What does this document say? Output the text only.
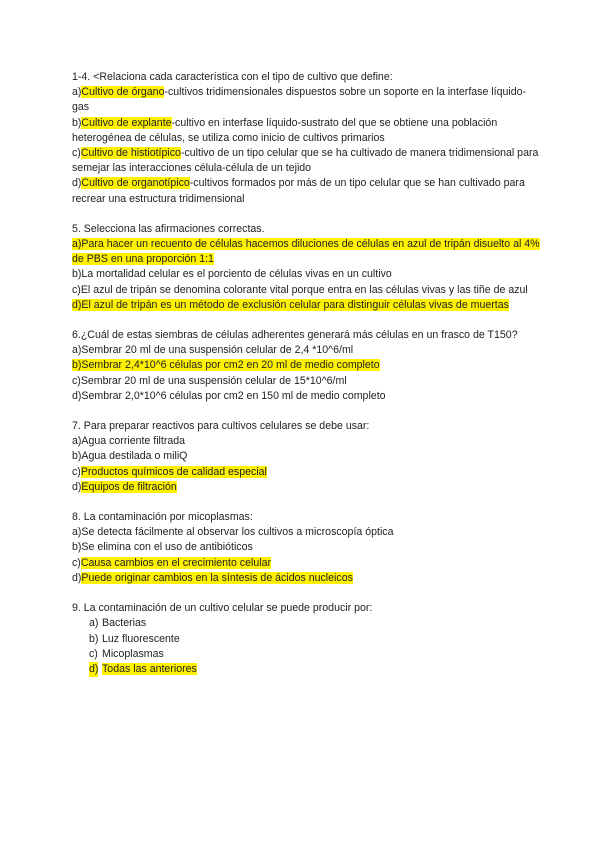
1-4. <Relaciona cada característica con el tipo de cultivo que define:
a)Cultivo de órgano-cultivos tridimensionales dispuestos sobre un soporte en la interfase líquido-gas
b)Cultivo de explante-cultivo en interfase líquido-sustrato del que se obtiene una población heterogénea de células, se utiliza como inicio de cultivos primarios
c)Cultivo de histiotípico-cultivo de un tipo celular que se ha cultivado de manera tridimensional para semejar las interacciones célula-célula de un tejido
d)Cultivo de organotípico-cultivos formados por más de un tipo celular que se han cultivado para recrear una estructura tridimensional
5. Selecciona las afirmaciones correctas.
a)Para hacer un recuento de células hacemos diluciones de células en azul de tripán disuelto al 4% de PBS en una proporción 1:1
b)La mortalidad celular es el porciento de células vivas en un cultivo
c)El azul de tripán se denomina colorante vital porque entra en las células vivas y las tiñe de azul
d)El azul de tripán es un método de exclusión celular para distinguir células vivas de muertas
6.¿Cuál de estas siembras de células adherentes generará más células en un frasco de T150?
a)Sembrar 20 ml de una suspensión celular de 2,4 *10^6/ml
b)Sembrar 2,4*10^6 células por cm2 en 20 ml de medio completo
c)Sembrar 20 ml de una suspensión celular de 15*10^6/ml
d)Sembrar 2,0*10^6 células por cm2 en 150 ml de medio completo
7. Para preparar reactivos para cultivos celulares se debe usar:
a)Agua corriente filtrada
b)Agua destilada o miliQ
c)Productos químicos de calidad especial
d)Equipos de filtración
8. La contaminación por micoplasmas:
a)Se detecta fácilmente al observar los cultivos a microscopía óptica
b)Se elimina con el uso de antibióticos
c)Causa cambios en el crecimiento celular
d)Puede originar cambios en la síntesis de ácidos nucleicos
9. La contaminación de un cultivo celular se puede producir por:
a) Bacterias
b) Luz fluorescente
c) Micoplasmas
d) Todas las anteriores
